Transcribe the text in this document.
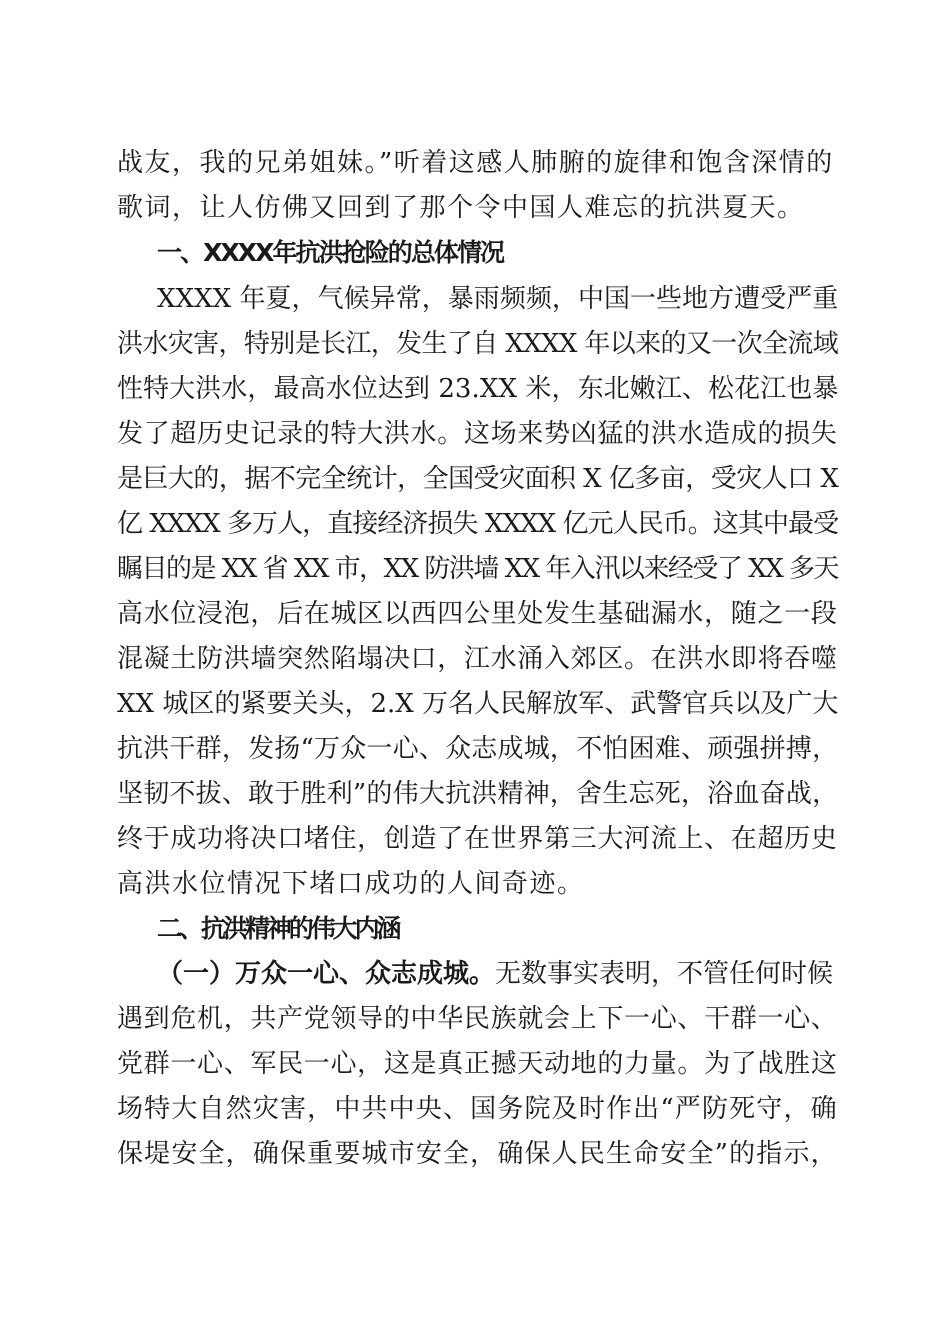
战友，我的兄弟姐妹。”听着这感人肺腑的旋律和饱含深情的
歌词，让人仿佛又回到了那个令中国人难忘的抗洪夏天。
一、XXXX年抗洪抢险的总体情况
XXXX 年夏，气候异常，暴雨频频，中国一些地方遭受严重
洪水灾害，特别是长江，发生了自 XXXX 年以来的又一次全流域
性特大洪水，最高水位达到 23.XX 米，东北嫩江、松花江也暴
发了超历史记录的特大洪水。这场来势凶猛的洪水造成的损失
是巨大的，据不完全统计，全国受灾面积 X 亿多亩，受灾人口 X
亿 XXXX 多万人，直接经济损失 XXXX 亿元人民币。这其中最受
瞩目的是 XX 省 XX 市，XX 防洪墙 XX 年入汛以来经受了 XX 多天
高水位浸泡，后在城区以西四公里处发生基础漏水，随之一段
混凝土防洪墙突然陷塌决口，江水涌入郊区。在洪水即将吞噬
XX 城区的紧要关头，2.X 万名人民解放军、武警官兵以及广大
抗洪干群，发扬“万众一心、众志成城，不怕困难、顽强拼搏，
坚韧不拔、敢于胜利”的伟大抗洪精神，舍生忘死，浴血奋战，
终于成功将决口堵住，创造了在世界第三大河流上、在超历史
高洪水位情况下堵口成功的人间奇迹。
二、抗洪精神的伟大内涵
（一）万众一心、众志成城。无数事实表明，不管任何时候
遇到危机，共产党领导的中华民族就会上下一心、干群一心、
党群一心、军民一心，这是真正撼天动地的力量。为了战胜这
场特大自然灾害，中共中央、国务院及时作出“严防死守，确
保堤安全，确保重要城市安全，确保人民生命安全”的指示，
